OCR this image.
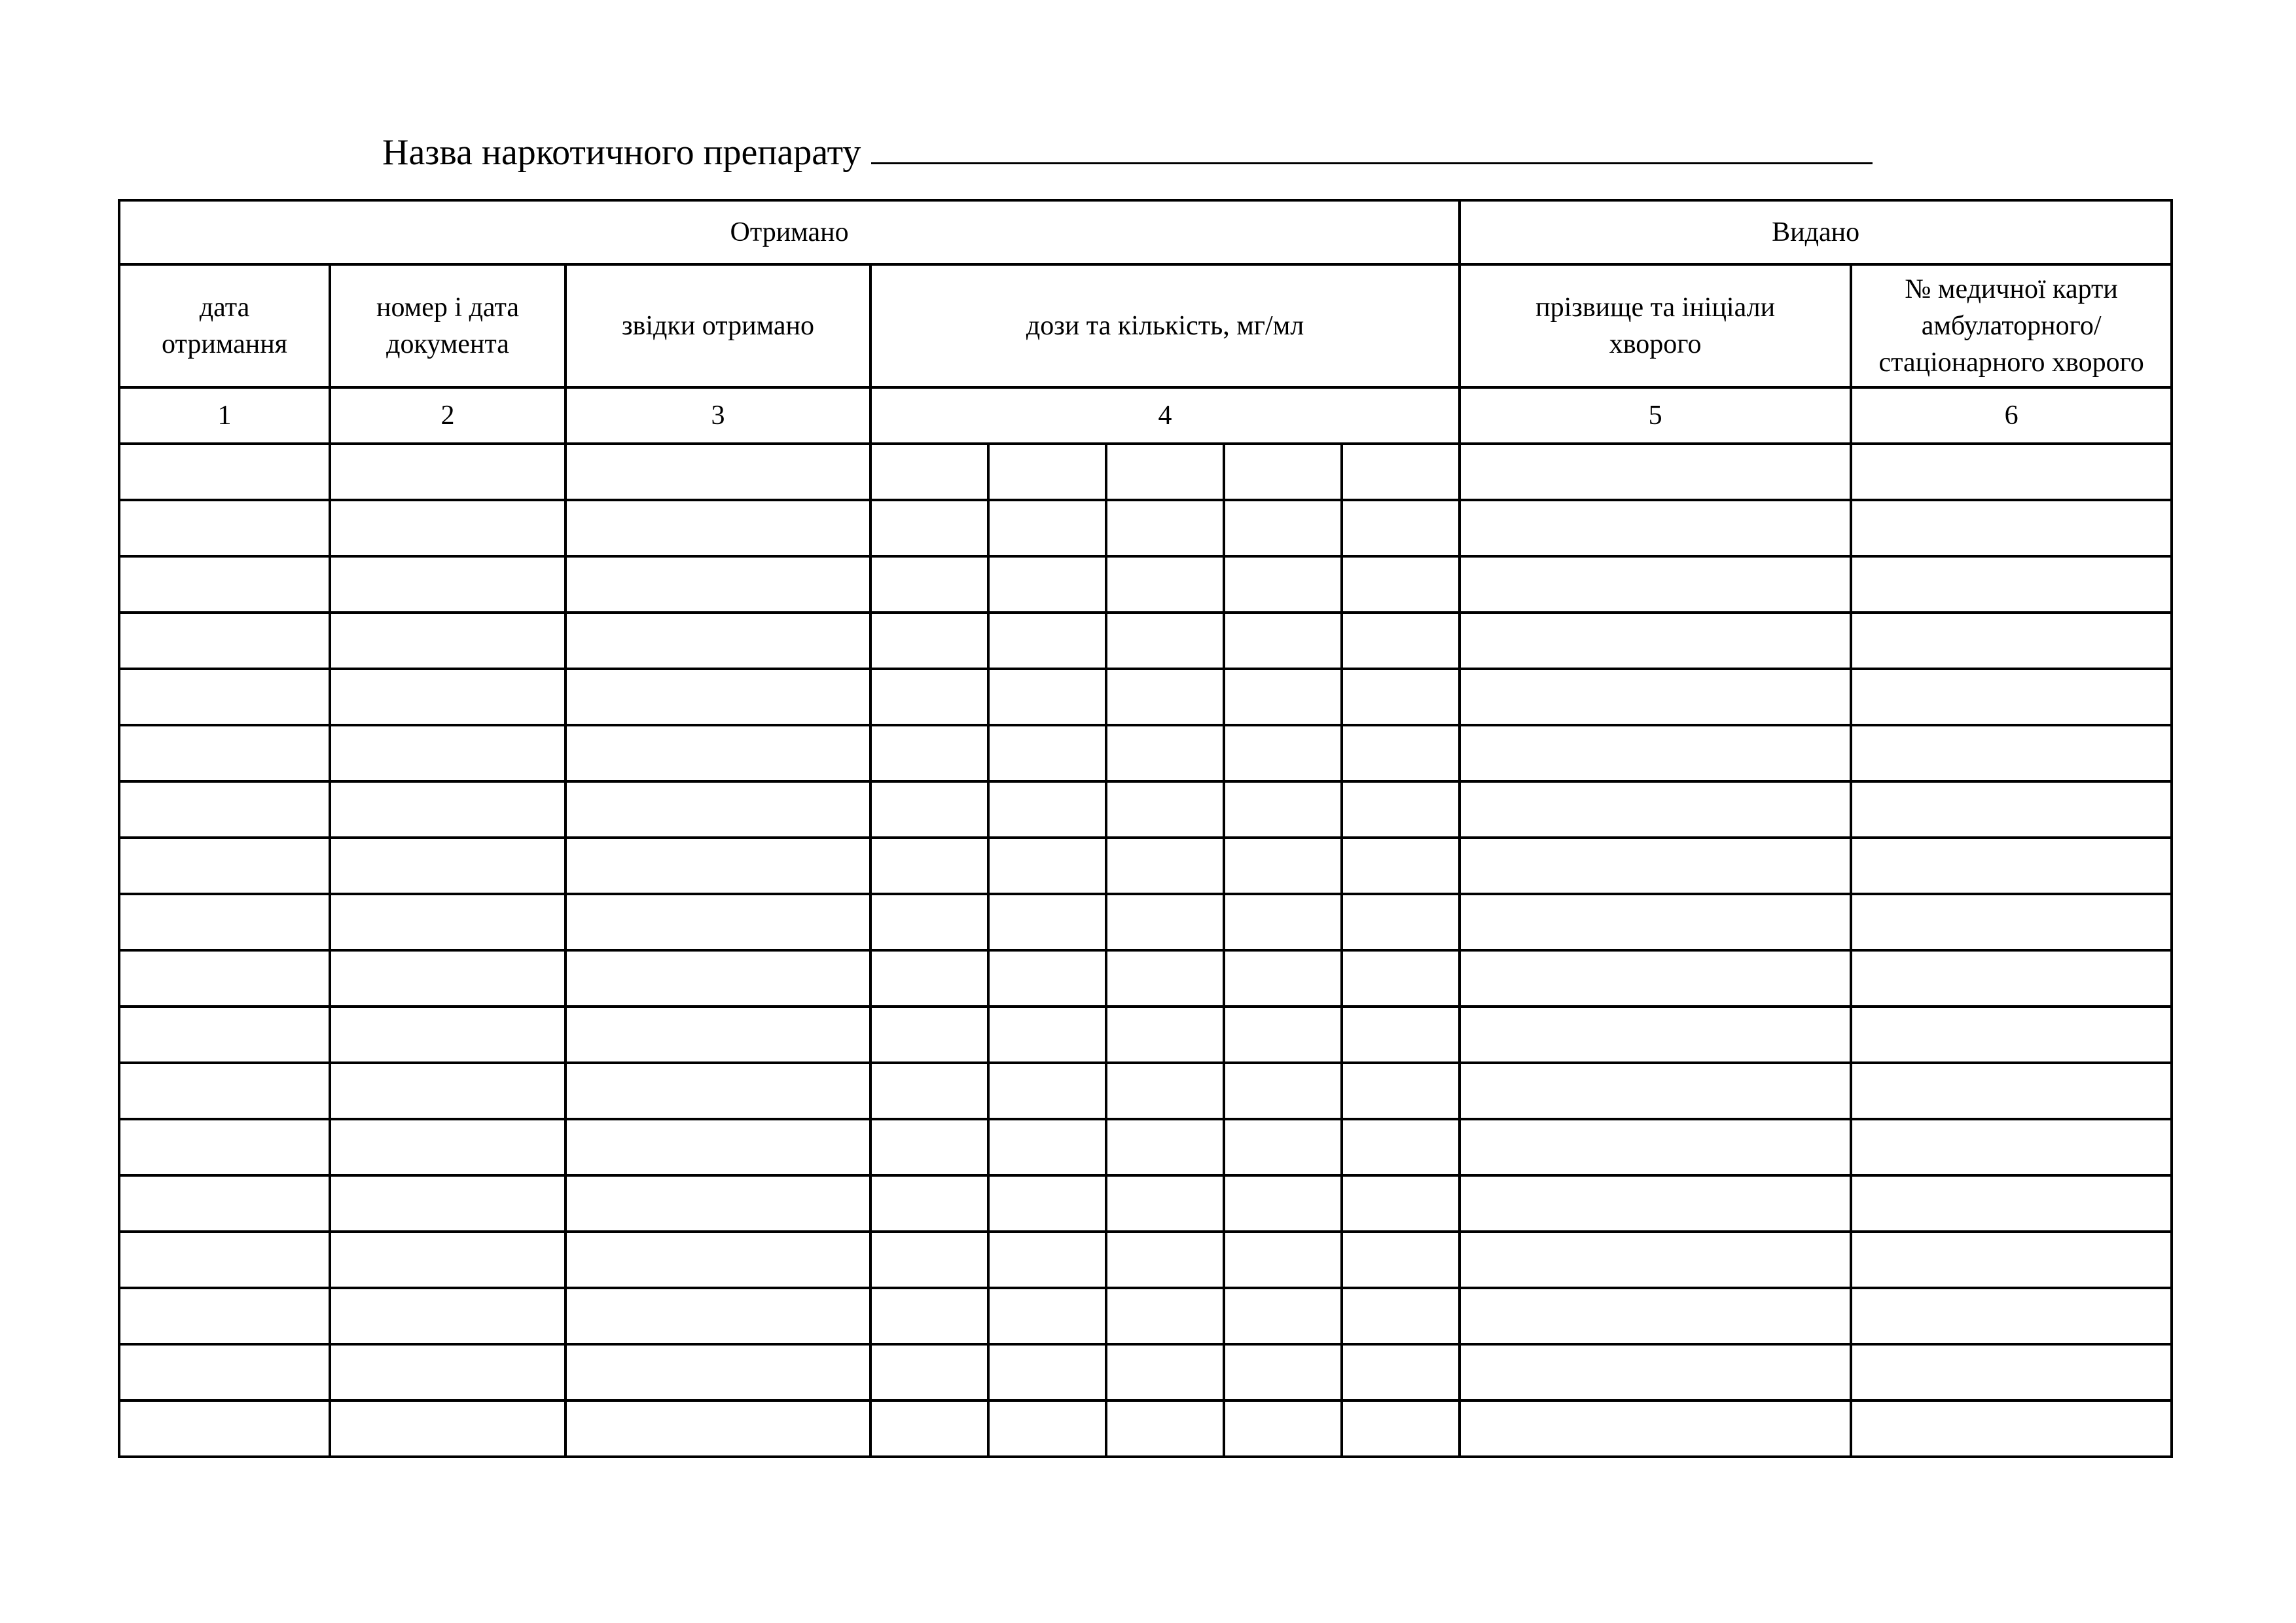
Назва наркотичного препарату
Отримано								Видано	

дата отримання	номер і дата документа	звідки отримано	дози та кількість, мг/мл					прізвище та ініціали хворого	№ медичної карти амбулаторного/ стаціонарного хворого

1	2	3	4					5	6
